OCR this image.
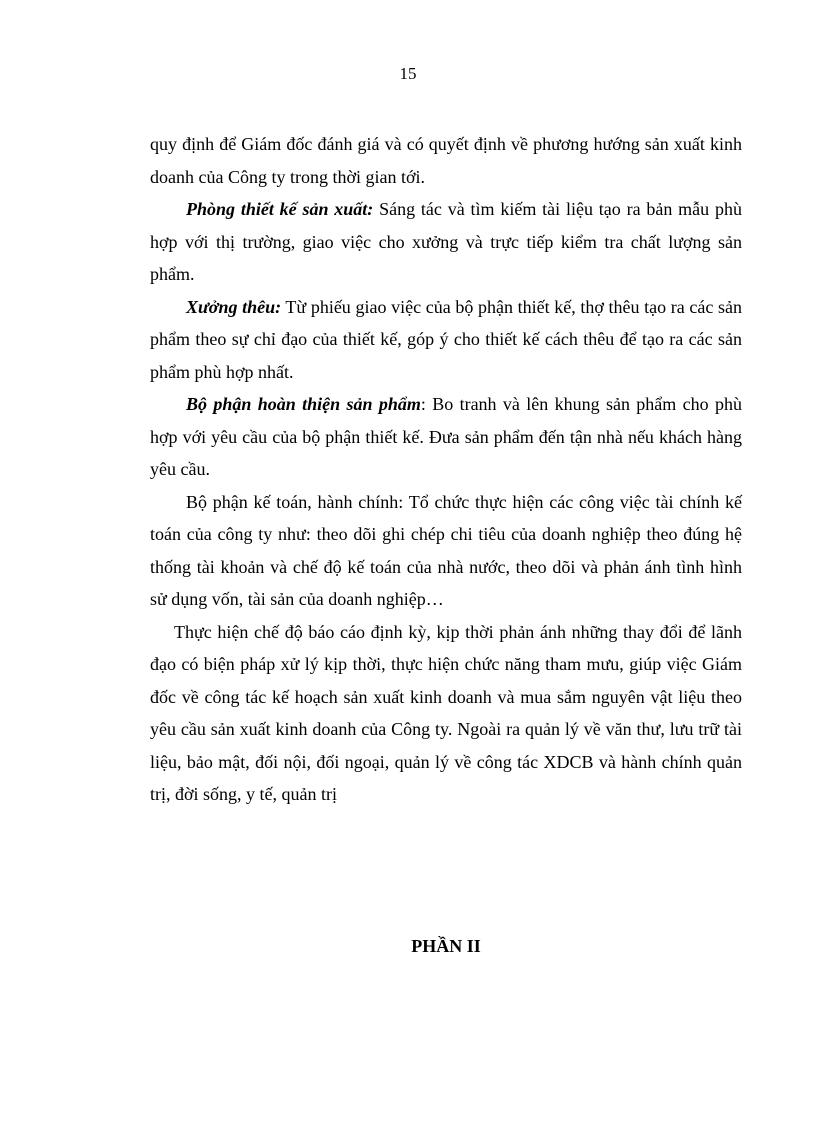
15

quy định để Giám đốc đánh giá và có quyết định về phương hướng sản xuất kinh doanh của Công ty trong thời gian tới.

Phòng thiết kế sản xuất: Sáng tác và tìm kiếm tài liệu tạo ra bản mẫu phù hợp với thị trường, giao việc cho xưởng và trực tiếp kiểm tra chất lượng sản phẩm.

Xưởng thêu: Từ phiếu giao việc của bộ phận thiết kế, thợ thêu tạo ra các sản phẩm theo sự chỉ đạo của thiết kế, góp ý cho thiết kế cách thêu để tạo ra các sản phẩm phù hợp nhất.

Bộ phận hoàn thiện sản phẩm: Bo tranh và lên khung sản phẩm cho phù hợp với yêu cầu của bộ phận thiết kế. Đưa sản phẩm đến tận nhà nếu khách hàng yêu cầu.

Bộ phận kế toán, hành chính: Tổ chức thực hiện các công việc tài chính kế toán của công ty như: theo dõi ghi chép chi tiêu của doanh nghiệp theo đúng hệ thống tài khoản và chế độ kế toán của nhà nước, theo dõi và phản ánh tình hình sử dụng vốn, tài sản của doanh nghiệp…

Thực hiện chế độ báo cáo định kỳ, kịp thời phản ánh những thay đổi để lãnh đạo có biện pháp xử lý kịp thời, thực hiện chức năng tham mưu, giúp việc Giám đốc về công tác kế hoạch sản xuất kinh doanh và mua sắm nguyên vật liệu theo yêu cầu sản xuất kinh doanh của Công ty. Ngoài ra quản lý về văn thư, lưu trữ tài liệu, bảo mật, đối nội, đối ngoại, quản lý về công tác XDCB và hành chính quản trị, đời sống, y tế, quản trị

PHẦN II
